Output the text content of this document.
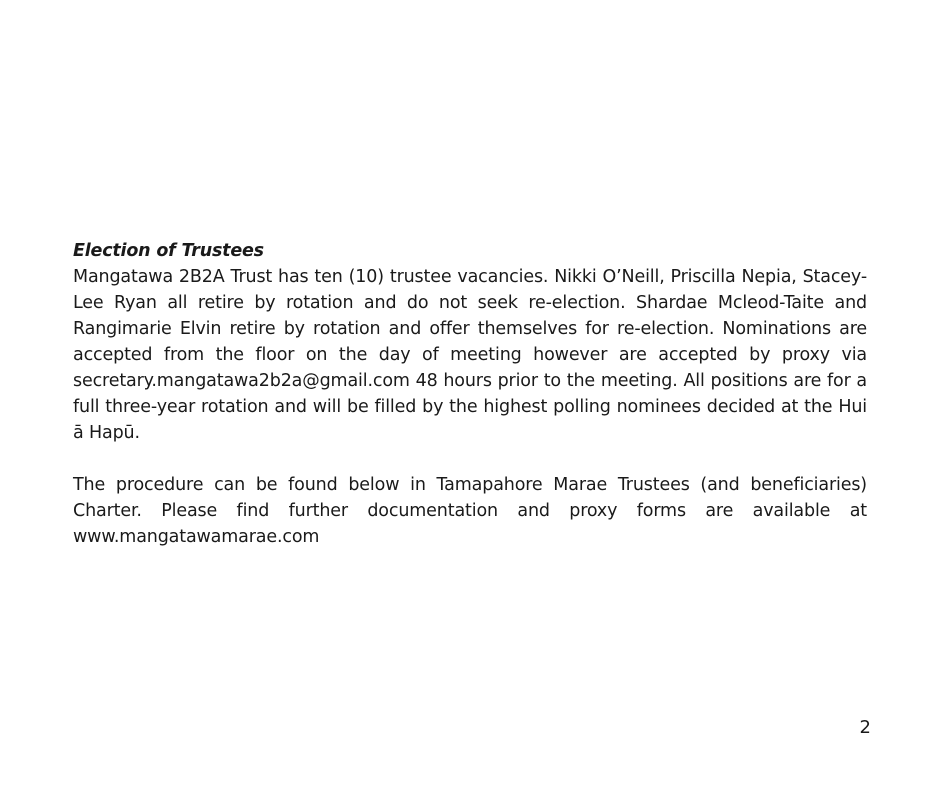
Election of Trustees

Mangatawa 2B2A Trust has ten (10) trustee vacancies. Nikki O’Neill, Priscilla Nepia, Stacey-Lee Ryan all retire by rotation and do not seek re-election. Shardae Mcleod-Taite and Rangimarie Elvin retire by rotation and offer themselves for re-election. Nominations are accepted from the floor on the day of meeting however are accepted by proxy via secretary.mangatawa2b2a@gmail.com 48 hours prior to the meeting. All positions are for a full three-year rotation and will be filled by the highest polling nominees decided at the Hui ā Hapū.

The procedure can be found below in Tamapahore Marae Trustees (and beneficiaries) Charter. Please find further documentation and proxy forms are available at www.mangatawamarae.com

2
